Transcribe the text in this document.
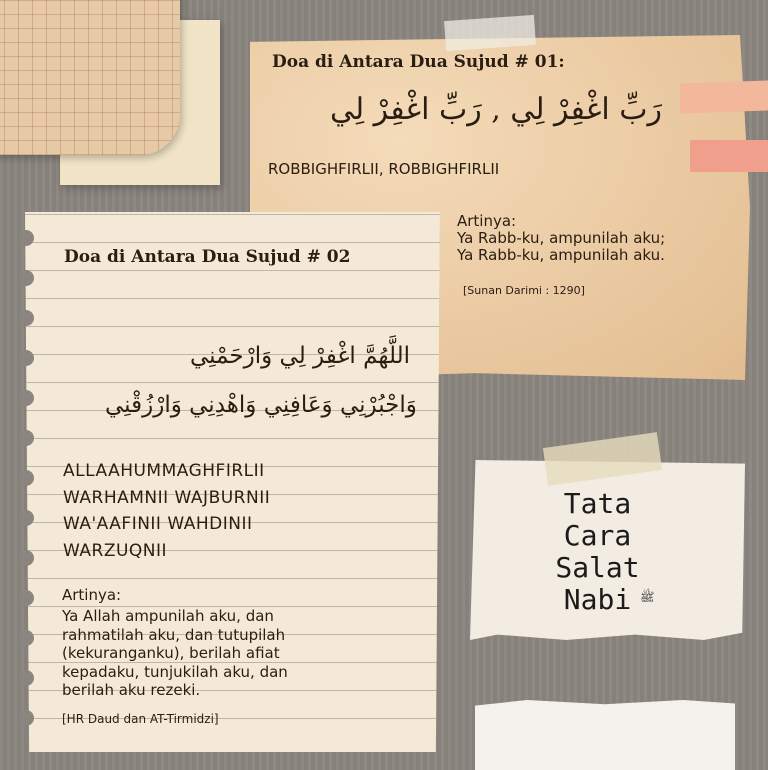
Doa di Antara Dua Sujud # 01:
رَبِّ اغْفِرْ لِي , رَبِّ اغْفِرْ لِي
ROBBIGHFIRLII, ROBBIGHFIRLII
Artinya:
Ya Rabb-ku, ampunilah aku;
Ya Rabb-ku, ampunilah aku.
[Sunan Darimi : 1290]
Doa di Antara Dua Sujud # 02
اللَّهُمَّ اغْفِرْ لِي وَارْحَمْنِي
وَاجْبُرْنِي وَعَافِنِي وَاهْدِنِي وَارْزُقْنِي
ALLAAHUMMAGHFIRLII
WARHAMNII WAJBURNII
WA'AAFINII WAHDINII
WARZUQNII
Artinya:
Ya Allah ampunilah aku, dan
rahmatilah aku, dan tutupilah
(kekuranganku), berilah afiat
kepadaku, tunjukilah aku, dan
berilah aku rezeki.
[HR Daud dan AT-Tirmidzi]
Tata
Cara
Salat
Nabi ﷺ
